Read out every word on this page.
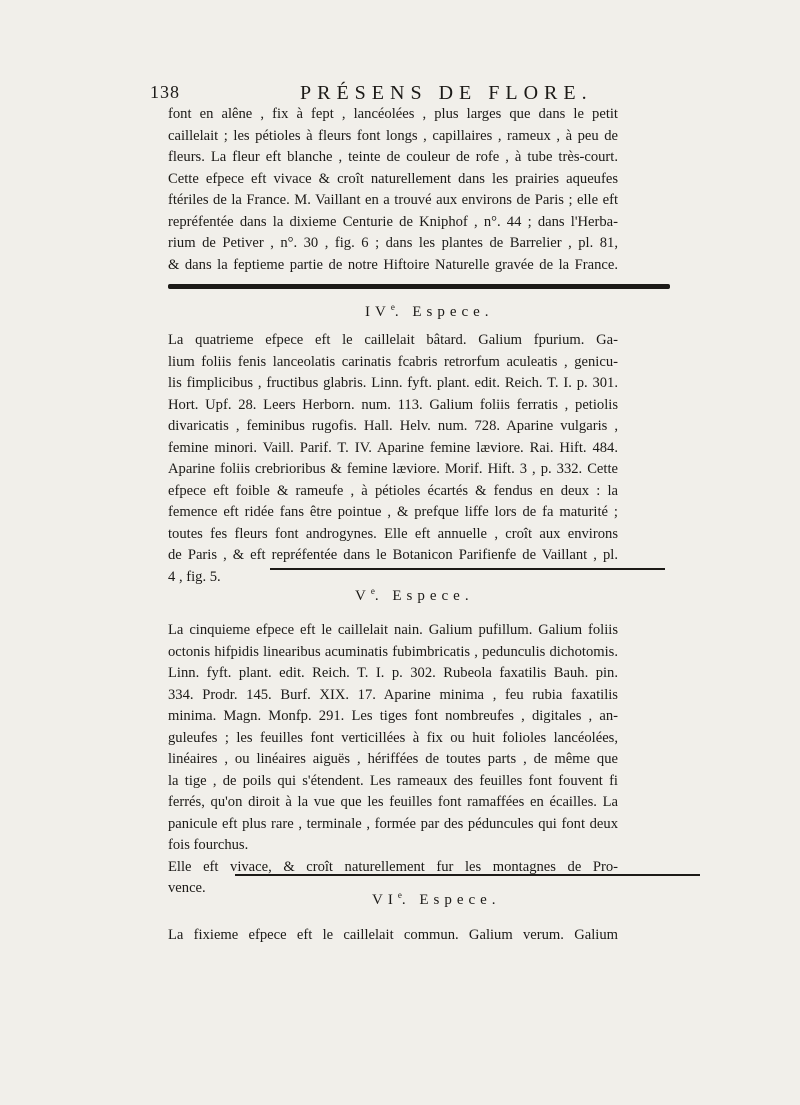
138	PRÉSENS DE FLORE.
font en alêne , fix à fept , lancéolées , plus larges que dans le petit
caillelait ; les pétioles à fleurs font longs , capillaires , rameux , à peu de
fleurs. La fleur eft blanche , teinte de couleur de rofe , à tube très-court.
Cette efpece eft vivace & croît naturellement dans les prairies aqueufes
ftériles de la France. M. Vaillant en a trouvé aux environs de Paris ; elle eft
repréfentée dans la dixieme Centurie de Kniphof , n°. 44 ; dans l'Herba-
rium de Petiver , n°. 30 , fig. 6 ; dans les plantes de Barrelier , pl. 81,
& dans la feptieme partie de notre Hiftoire Naturelle gravée de la France.
IVe. Espece.
La quatrieme efpece eft le caillelait bâtard. Galium fpurium. Ga-
lium foliis fenis lanceolatis carinatis fcabris retrorfum aculeatis , genicu-
lis fimplicibus , fructibus glabris. Linn. fyft. plant. edit. Reich. T. I. p. 301.
Hort. Upf. 28. Leers Herborn. num. 113. Galium foliis ferratis , petiolis
divaricatis , feminibus rugofis. Hall. Helv. num. 728. Aparine vulgaris ,
femine minori. Vaill. Parif. T. IV. Aparine femine læviore. Rai. Hift. 484.
Aparine foliis crebrioribus & femine læviore. Morif. Hift. 3 , p. 332. Cette
efpece eft foible & rameufe , à pétioles écartés & fendus en deux : la
femence eft ridée fans être pointue , & prefque liffe lors de fa maturité ;
toutes fes fleurs font androgynes. Elle eft annuelle , croît aux environs
de Paris , & eft repréfentée dans le Botanicon Parifienfe de Vaillant , pl.
4 , fig. 5.
Ve. Espece.
La cinquieme efpece eft le caillelait nain. Galium pufillum. Galium foliis
octonis hifpidis linearibus acuminatis fubimbricatis , pedunculis dichotomis.
Linn. fyft. plant. edit. Reich. T. I. p. 302. Rubeola faxatilis Bauh. pin.
334. Prodr. 145. Burf. XIX. 17. Aparine minima , feu rubia faxatilis
minima. Magn. Monfp. 291. Les tiges font nombreufes , digitales , an-
guleufes ; les feuilles font verticillées à fix ou huit folioles lancéolées,
linéaires , ou linéaires aiguës , hériffées de toutes parts , de même que
la tige , de poils qui s'étendent. Les rameaux des feuilles font fouvent fi
ferrés, qu'on diroit à la vue que les feuilles font ramaffées en écailles. La
panicule eft plus rare , terminale , formée par des péduncules qui font deux
fois fourchus.
Elle eft vivace, & croît naturellement fur les montagnes de Pro-
vence.
VIe. Espece.
La fixieme efpece eft le caillelait commun. Galium verum. Galium
